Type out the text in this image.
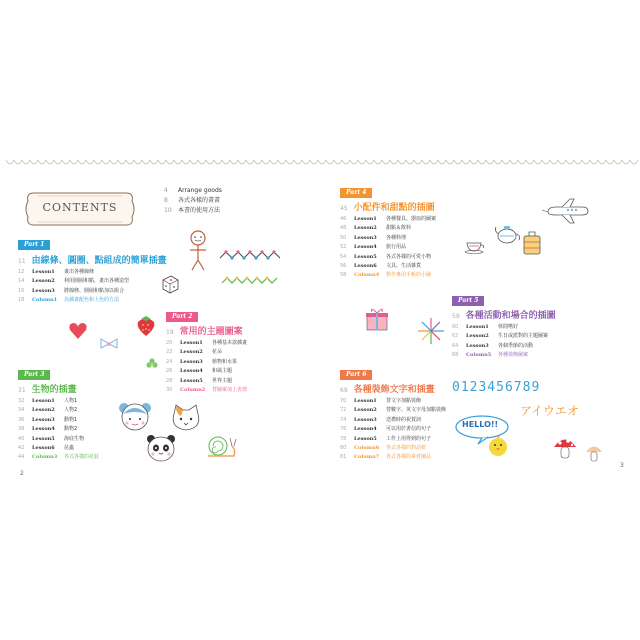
CONTENTS
4 Arrange goods
8 各式各樣的畫畫
10 本書的使用方法
Part 1
11 由線條、圓圈、點組成的簡單插畫
12 Lesson1 畫出各種線條
14 Lesson2 利用圓圈和點，畫出各種造型
16 Lesson3 將線條、圓圈和點加以組合
18 Column1 為插畫配色和上色的方法
Part 2
19 常用的主題圖案
20 Lesson1 各種基本款插畫
22 Lesson2 花朵
24 Lesson3 植物和水果
26 Lesson4 和風主題
28 Lesson5 世界主題
30 Column2 替圖案加上表情
Part 3
31 生物的插畫
32 Lesson1 人物1
34 Lesson2 人物2
36 Lesson3 動物1
38 Lesson4 動物2
40 Lesson5 海底生物
42 Lesson6 昆蟲
44 Column3 各式各樣的花紋
Part 4
45 小配件和甜點的插圖
46 Lesson1 各種餐具、器皿的圖案
48 Lesson2 甜點＆飲料
50 Lesson3 各種料理
52 Lesson4 旅行用品
54 Lesson5 各式各樣的可愛小物
56 Lesson6 文具、生活雜貨
58 Column4 製作專用手帳的小圖
Part 5
59 各種活動和場合的插圖
60 Lesson1 休閒嗜好
62 Lesson2 生日或派對的主題圖案
64 Lesson3 各個季節的活動
68 Column5 各種裝飾圖案
Part 6
69 各種裝飾文字和插畫
70 Lesson1 替文字加點裝飾
72 Lesson2 替數字、英文字母加點裝飾
74 Lesson3 送禮時的祝賀詞
76 Lesson4 可以用於書信的句子
78 Lesson5 工作上用得到的句子
80 Column6 各式各樣的對話框
81 Column7 各式各樣的素材圖品
0123456789
アイウエオ
HELLO!!
2
3
